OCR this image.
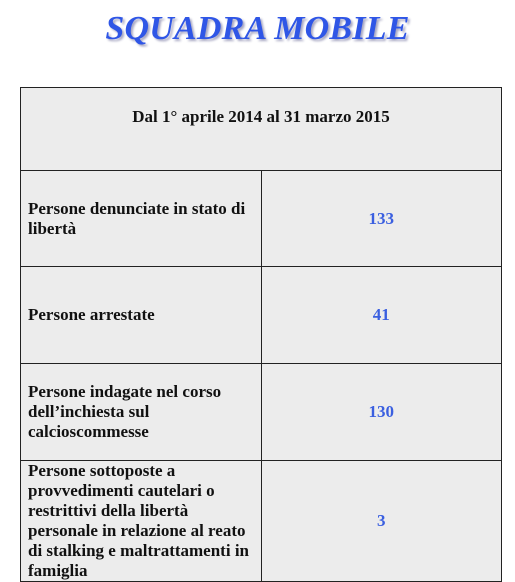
SQUADRA MOBILE
Dal 1° aprile 2014 al 31 marzo 2015	

Persone denunciate in stato di libertà	133
Persone arrestate	41
Persone indagate nel corso dell’inchiesta sul calcioscommesse	130
Persone sottoposte a provvedimenti cautelari o restrittivi della libertà personale in relazione al reato di stalking e maltrattamenti in famiglia	3
